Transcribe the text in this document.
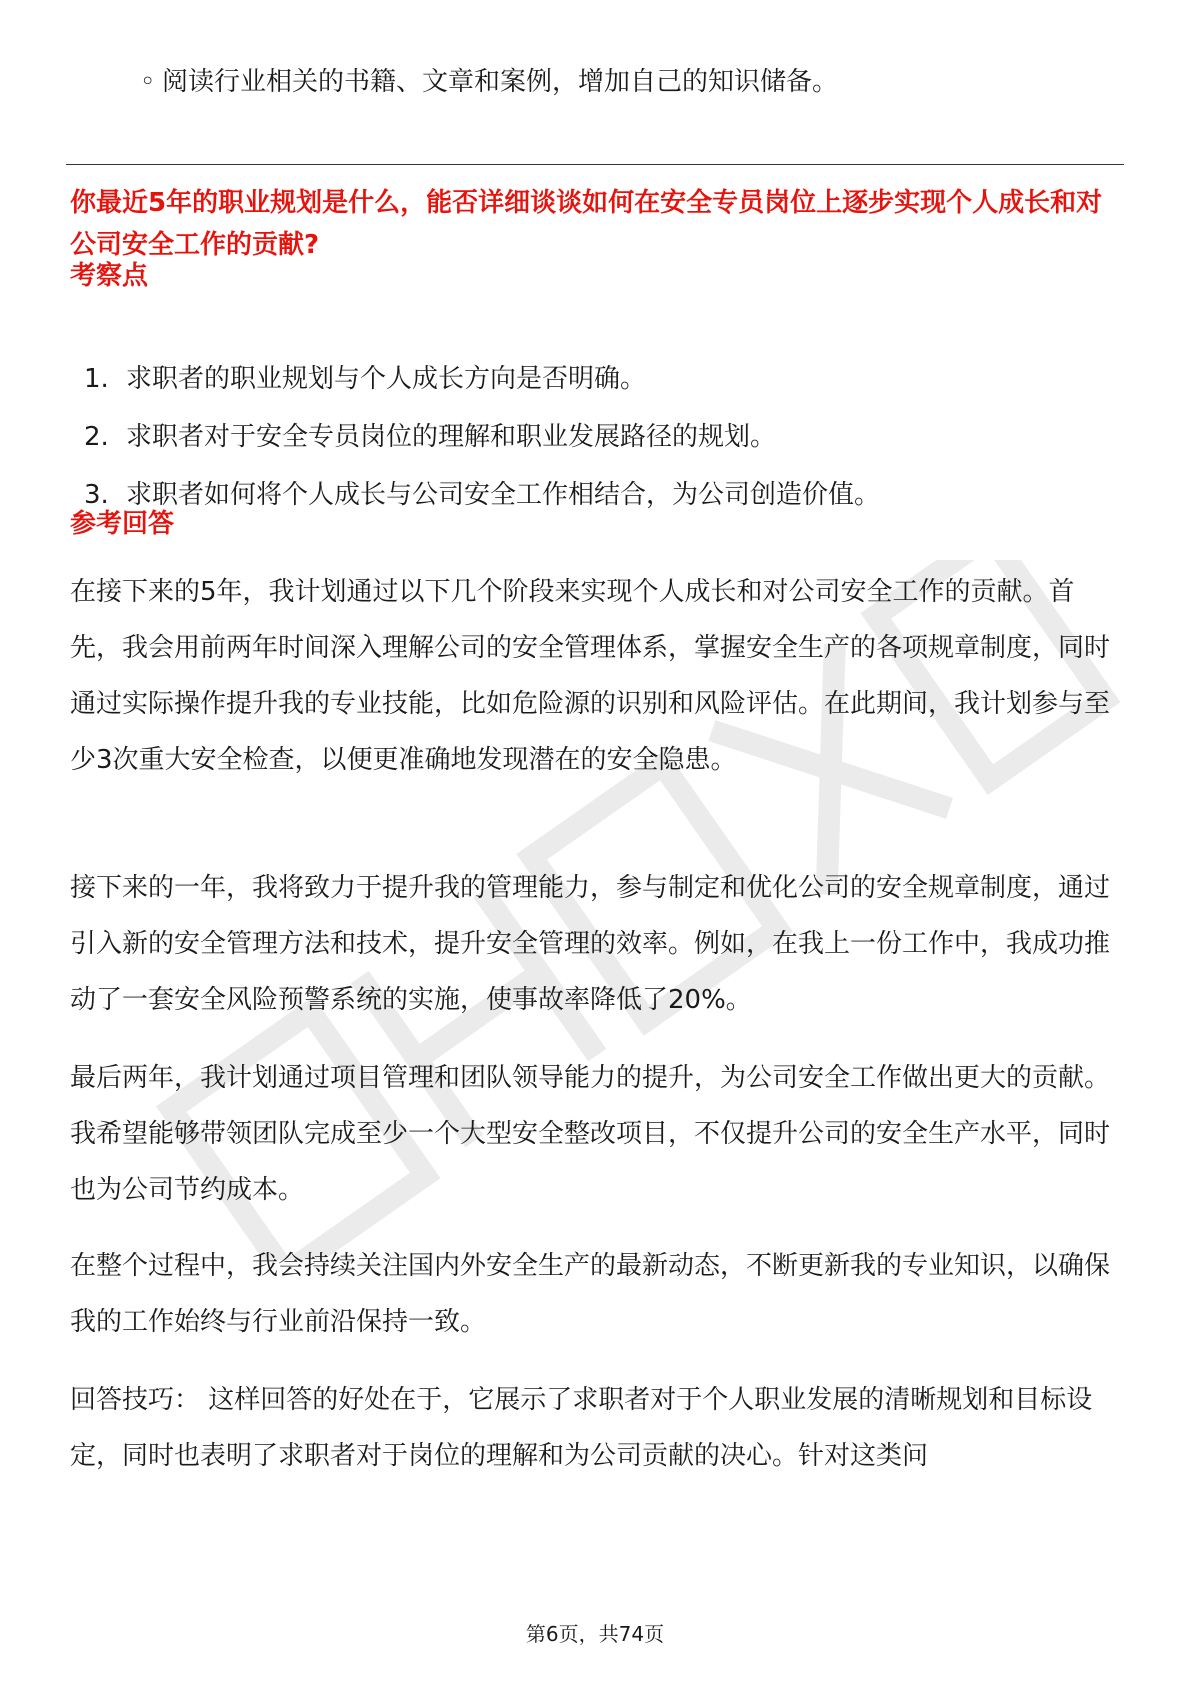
◦ 阅读行业相关的书籍、文章和案例，增加自己的知识储备。
你最近5年的职业规划是什么，能否详细谈谈如何在安全专员岗位上逐步实现个人成长和对公司安全工作的贡献?
考察点
1. 求职者的职业规划与个人成长方向是否明确。
2. 求职者对于安全专员岗位的理解和职业发展路径的规划。
3. 求职者如何将个人成长与公司安全工作相结合，为公司创造价值。
参考回答

在接下来的5年，我计划通过以下几个阶段来实现个人成长和对公司安全工作的贡献。首先，我会用前两年时间深入理解公司的安全管理体系，掌握安全生产的各项规章制度，同时通过实际操作提升我的专业技能，比如危险源的识别和风险评估。在此期间，我计划参与至少3次重大安全检查，以便更准确地发现潜在的安全隐患。

接下来的一年，我将致力于提升我的管理能力，参与制定和优化公司的安全规章制度，通过引入新的安全管理方法和技术，提升安全管理的效率。例如，在我上一份工作中，我成功推动了一套安全风险预警系统的实施，使事故率降低了20%。

最后两年，我计划通过项目管理和团队领导能力的提升，为公司安全工作做出更大的贡献。我希望能够带领团队完成至少一个大型安全整改项目，不仅提升公司的安全生产水平，同时也为公司节约成本。

在整个过程中，我会持续关注国内外安全生产的最新动态，不断更新我的专业知识，以确保我的工作始终与行业前沿保持一致。

回答技巧： 这样回答的好处在于，它展示了求职者对于个人职业发展的清晰规划和目标设定，同时也表明了求职者对于岗位的理解和为公司贡献的决心。针对这类问

第6页，共74页
